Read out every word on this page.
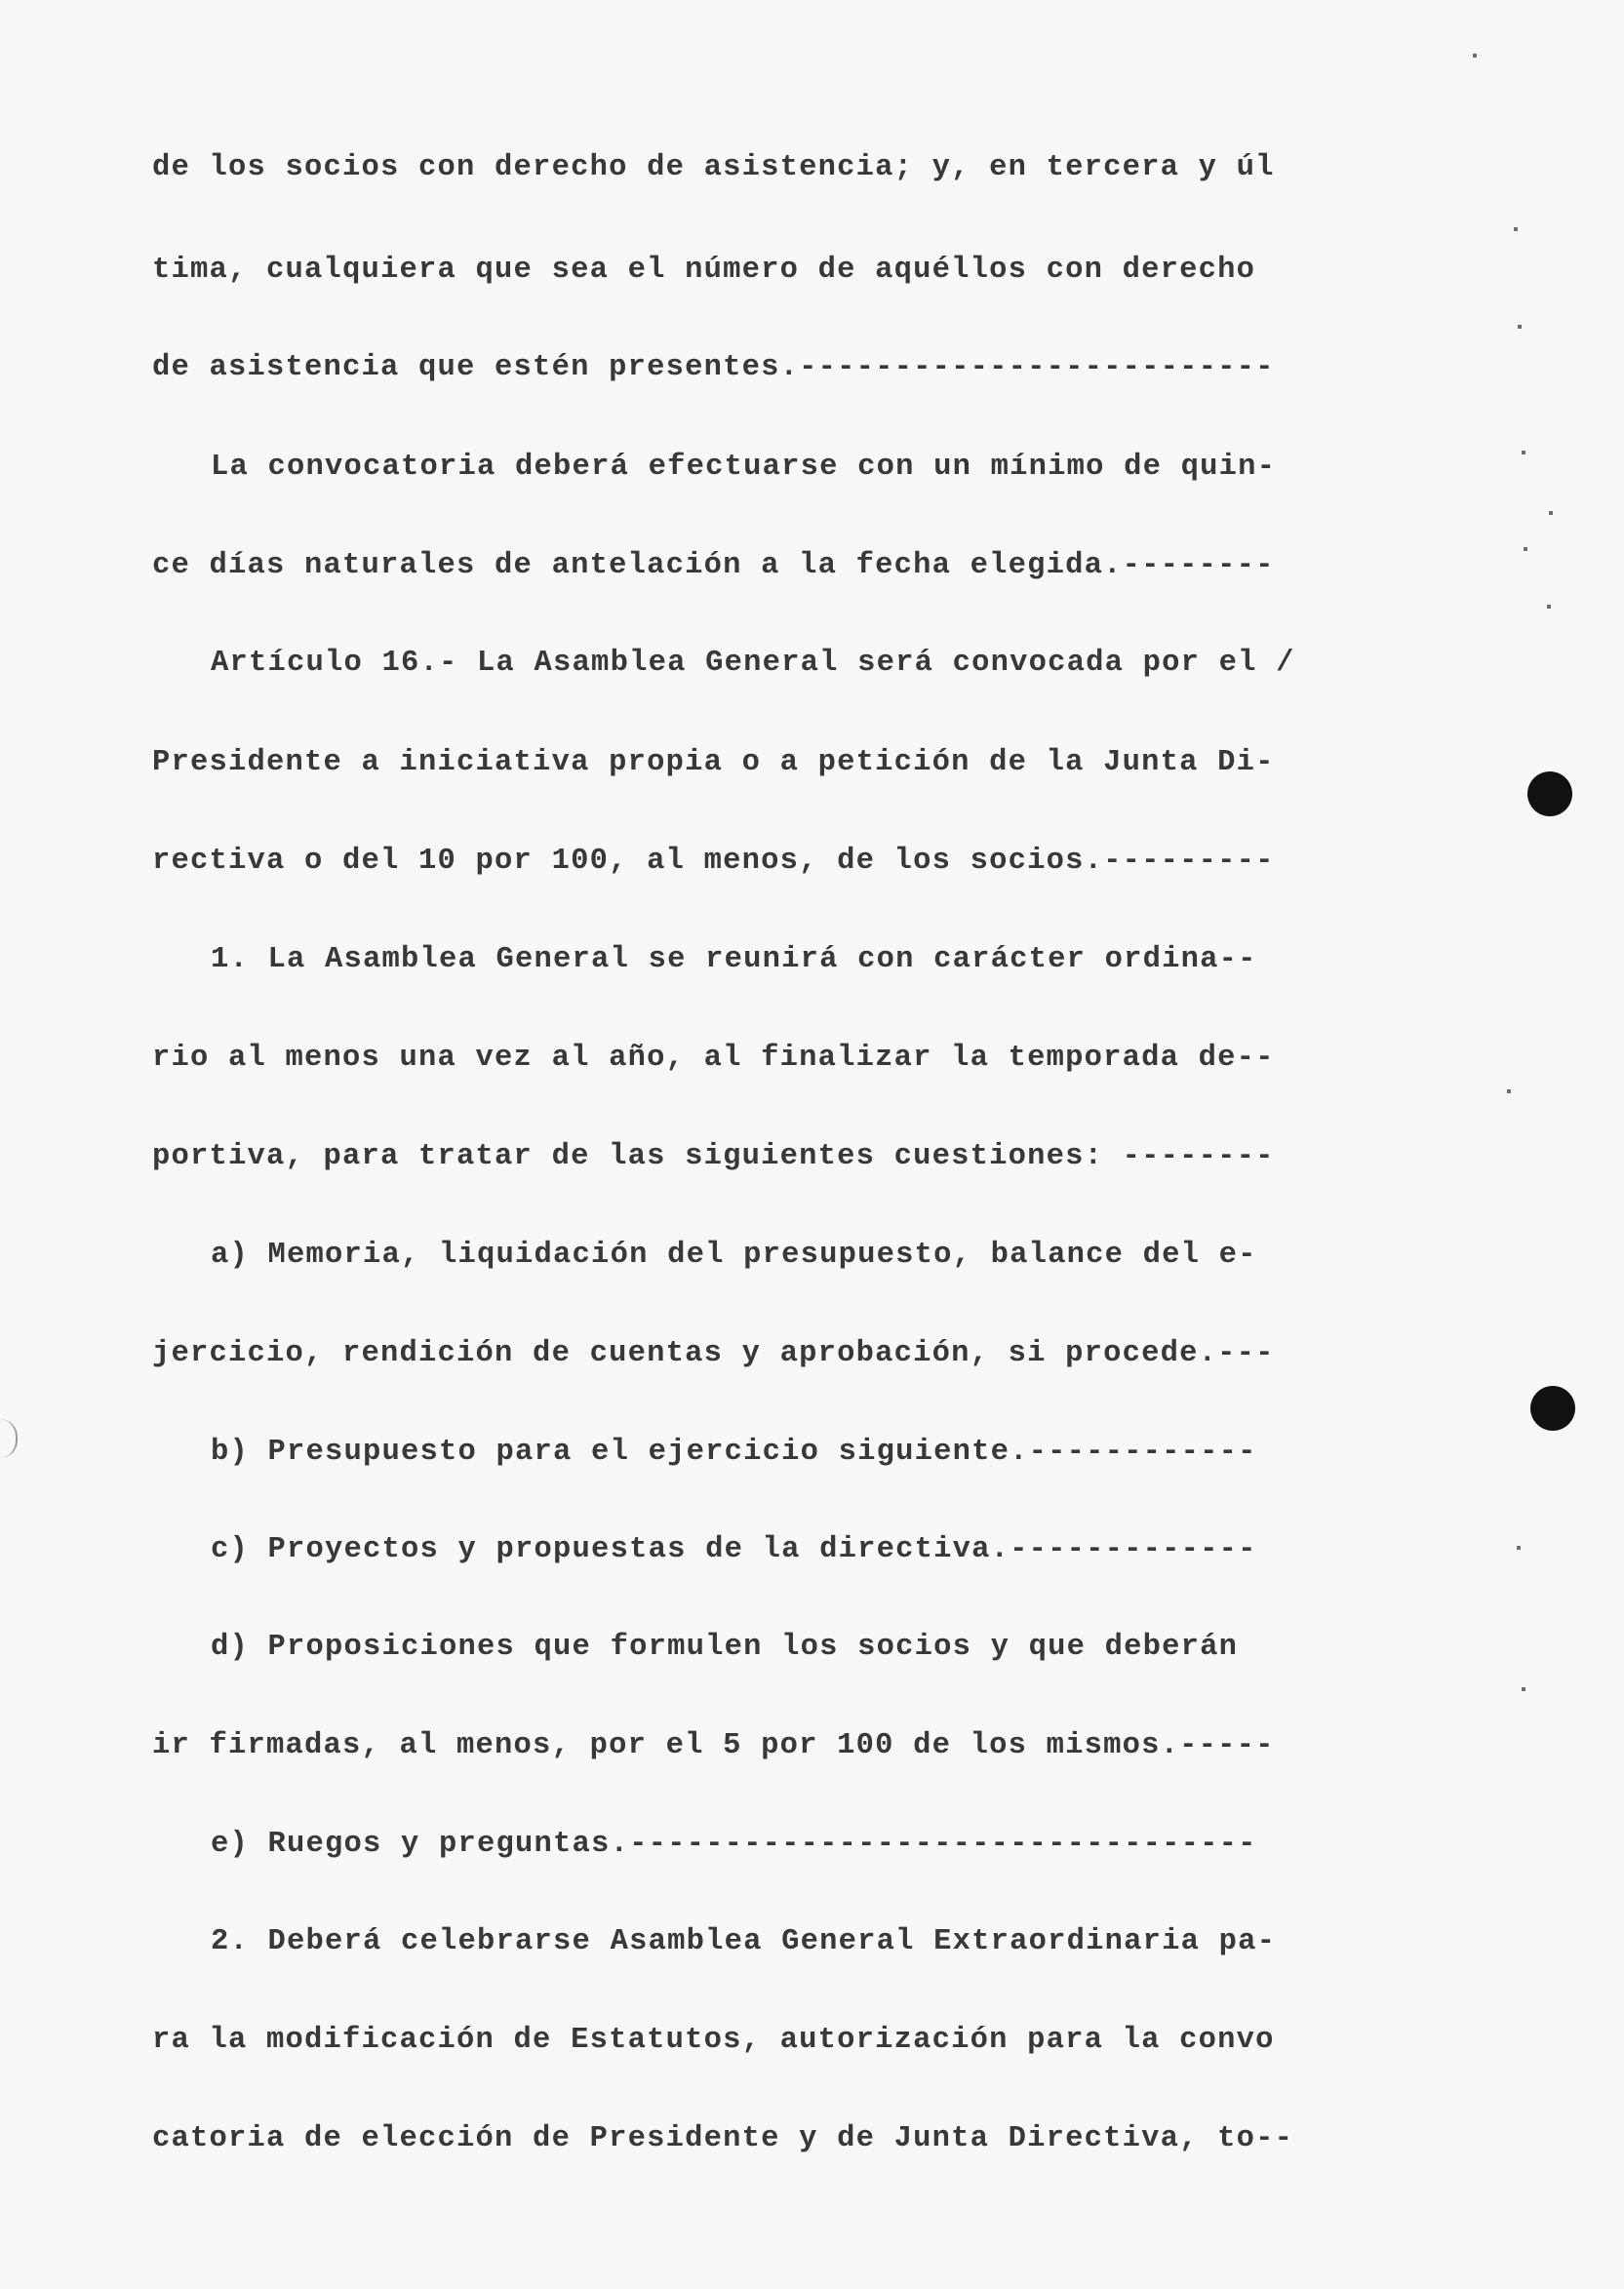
de los socios con derecho de asistencia; y, en tercera y úl
tima, cualquiera que sea el número de aquéllos con derecho
de asistencia que estén presentes.-------------------------
La convocatoria deberá efectuarse con un mínimo de quin-
ce días naturales de antelación a la fecha elegida.--------
Artículo 16.- La Asamblea General será convocada por el /
Presidente a iniciativa propia o a petición de la Junta Di-
rectiva o del 10 por 100, al menos, de los socios.---------
1. La Asamblea General se reunirá con carácter ordina--
rio al menos una vez al año, al finalizar la temporada de--
portiva, para tratar de las siguientes cuestiones: --------
a) Memoria, liquidación del presupuesto, balance del e-
jercicio, rendición de cuentas y aprobación, si procede.---
b) Presupuesto para el ejercicio siguiente.------------
c) Proyectos y propuestas de la directiva.-------------
d) Proposiciones que formulen los socios y que deberán
ir firmadas, al menos, por el 5 por 100 de los mismos.-----
e) Ruegos y preguntas.---------------------------------
2. Deberá celebrarse Asamblea General Extraordinaria pa-
ra la modificación de Estatutos, autorización para la convo
catoria de elección de Presidente y de Junta Directiva, to--
